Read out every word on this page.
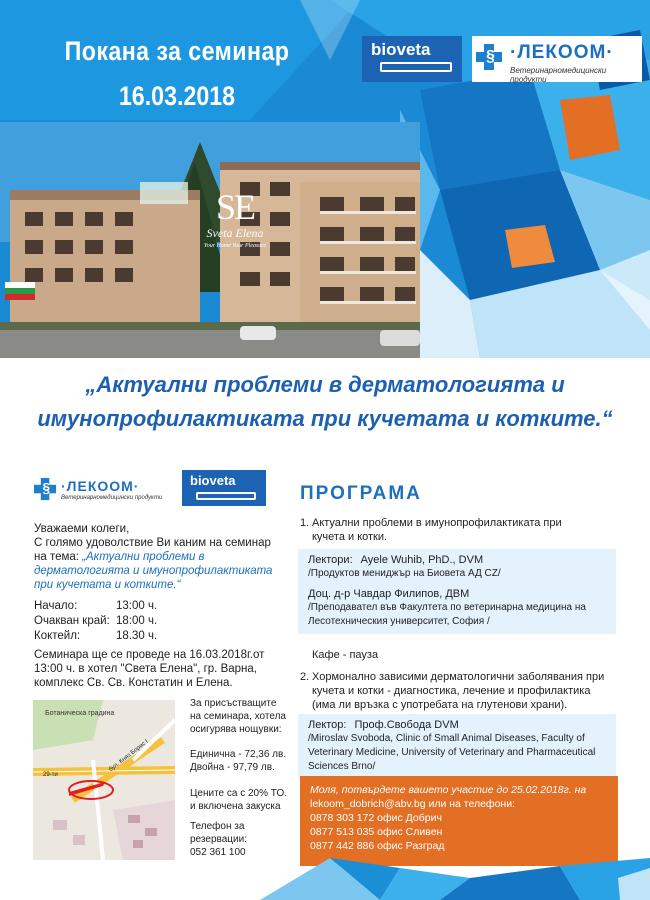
Покана за семинар
16.03.2018
bioveta	§ ·ЛЕКООМ·
Ветеринарномедицински продукти
SE
Sveta Elena
Your Home Your Pleasure
„Актуални проблеми в дерматологията и
имунопрофилактиката при кучетата и котките.“
§ ·ЛЕКООМ·
Ветеринарномедицински продукти
bioveta
Уважаеми колеги,
С голямо удоволствие Ви каним на семинар
на тема: „Актуални проблеми в
дерматологията и имунопрофилактиката
при кучетата и котките.“
Начало:	13:00 ч.
Очакван край: 18:00 ч.
Коктейл:	18.30 ч.
Семинара ще се проведе на 16.03.2018г.от
13:00 ч. в хотел "Света Елена", гр. Варна,
комплекс Св. Св. Констатин и Елена.
Ботаническа градина
29-ти
бул. Княз Борис I
За присъстващите
на семинара, хотела
осигурява нощувки:
Единична - 72,36 лв.
Двойна - 97,79 лв.
Цените са с 20% ТО.
и включена закуска
Телефон за
резервации:
052 361 100
ПРОГРАМА
1. Актуални проблеми в имунопрофилактиката при
кучета и котки.
Лектори: Ayele Wuhib, PhD., DVM
/Продуктов мениджър на Биовета АД CZ/
Доц. д-р Чавдар Филипов, ДВМ
/Преподавател във Факултета по ветеринарна медицина на
Лесотехническия университет, София /
Кафе - пауза
2. Хормонално зависими дерматологични заболявания при
кучета и котки - диагностика, лечение и профилактика
(има ли връзка с употребата на глутенови храни).
Лектор: Проф.Свобода DVM
/Miroslav Svoboda, Clinic of Small Animal Diseases, Faculty of
Veterinary Medicine, University of Veterinary and Pharmaceutical
Sciences Brno/
Моля, потвърдете вашето участие до 25.02.2018г. на
lekoom_dobrich@abv.bg или на телефони:
0878 303 172 офис Добрич
0877 513 035 офис Сливен
0877 442 886 офис Разград
